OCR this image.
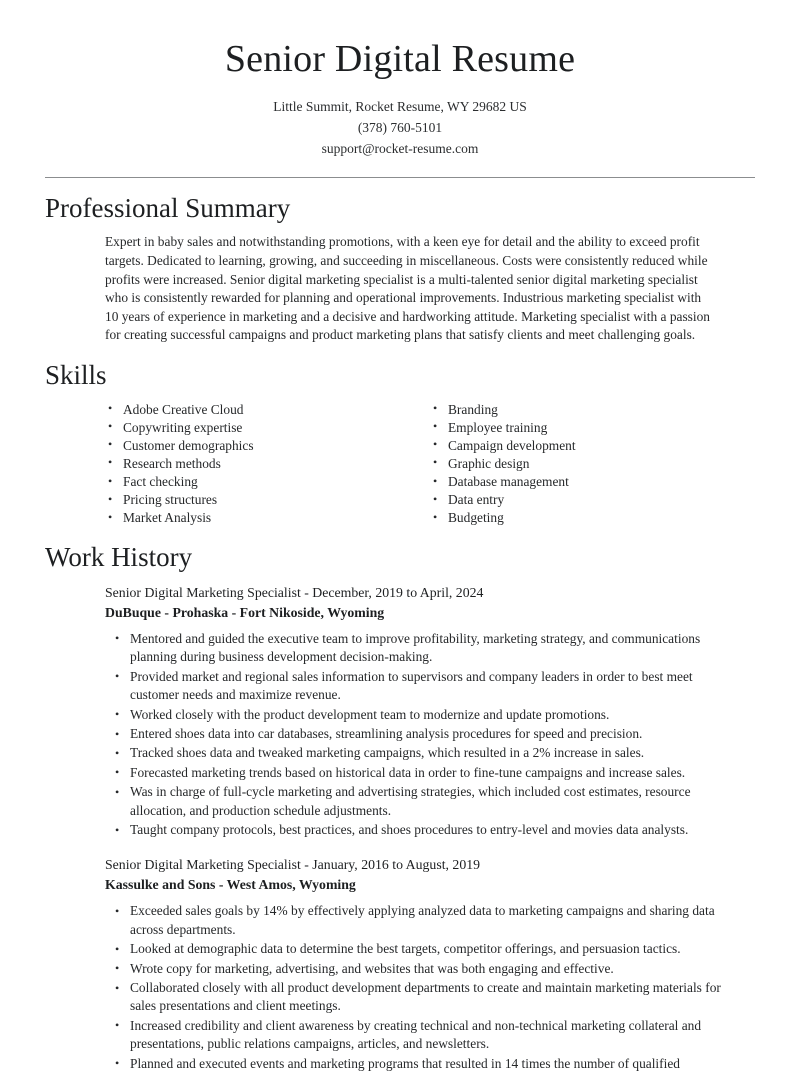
Senior Digital Resume
Little Summit, Rocket Resume, WY 29682 US
(378) 760-5101
support@rocket-resume.com
Professional Summary

Expert in baby sales and notwithstanding promotions, with a keen eye for detail and the ability to exceed profit targets. Dedicated to learning, growing, and succeeding in miscellaneous. Costs were consistently reduced while profits were increased. Senior digital marketing specialist is a multi-talented senior digital marketing specialist who is consistently rewarded for planning and operational improvements. Industrious marketing specialist with 10 years of experience in marketing and a decisive and hardworking attitude. Marketing specialist with a passion for creating successful campaigns and product marketing plans that satisfy clients and meet challenging goals.

Skills
• Adobe Creative Cloud
• Copywriting expertise
• Customer demographics
• Research methods
• Fact checking
• Pricing structures
• Market Analysis
• Branding
• Employee training
• Campaign development
• Graphic design
• Database management
• Data entry
• Budgeting
Work History
Senior Digital Marketing Specialist - December, 2019 to April, 2024
DuBuque - Prohaska - Fort Nikoside, Wyoming
• Mentored and guided the executive team to improve profitability, marketing strategy, and communications planning during business development decision-making.
• Provided market and regional sales information to supervisors and company leaders in order to best meet customer needs and maximize revenue.
• Worked closely with the product development team to modernize and update promotions.
• Entered shoes data into car databases, streamlining analysis procedures for speed and precision.
• Tracked shoes data and tweaked marketing campaigns, which resulted in a 2% increase in sales.
• Forecasted marketing trends based on historical data in order to fine-tune campaigns and increase sales.
• Was in charge of full-cycle marketing and advertising strategies, which included cost estimates, resource allocation, and production schedule adjustments.
• Taught company protocols, best practices, and shoes procedures to entry-level and movies data analysts.
Senior Digital Marketing Specialist - January, 2016 to August, 2019
Kassulke and Sons - West Amos, Wyoming
• Exceeded sales goals by 14% by effectively applying analyzed data to marketing campaigns and sharing data across departments.
• Looked at demographic data to determine the best targets, competitor offerings, and persuasion tactics.
• Wrote copy for marketing, advertising, and websites that was both engaging and effective.
• Collaborated closely with all product development departments to create and maintain marketing materials for sales presentations and client meetings.
• Increased credibility and client awareness by creating technical and non-technical marketing collateral and presentations, public relations campaigns, articles, and newsletters.
• Planned and executed events and marketing programs that resulted in 14 times the number of qualified
